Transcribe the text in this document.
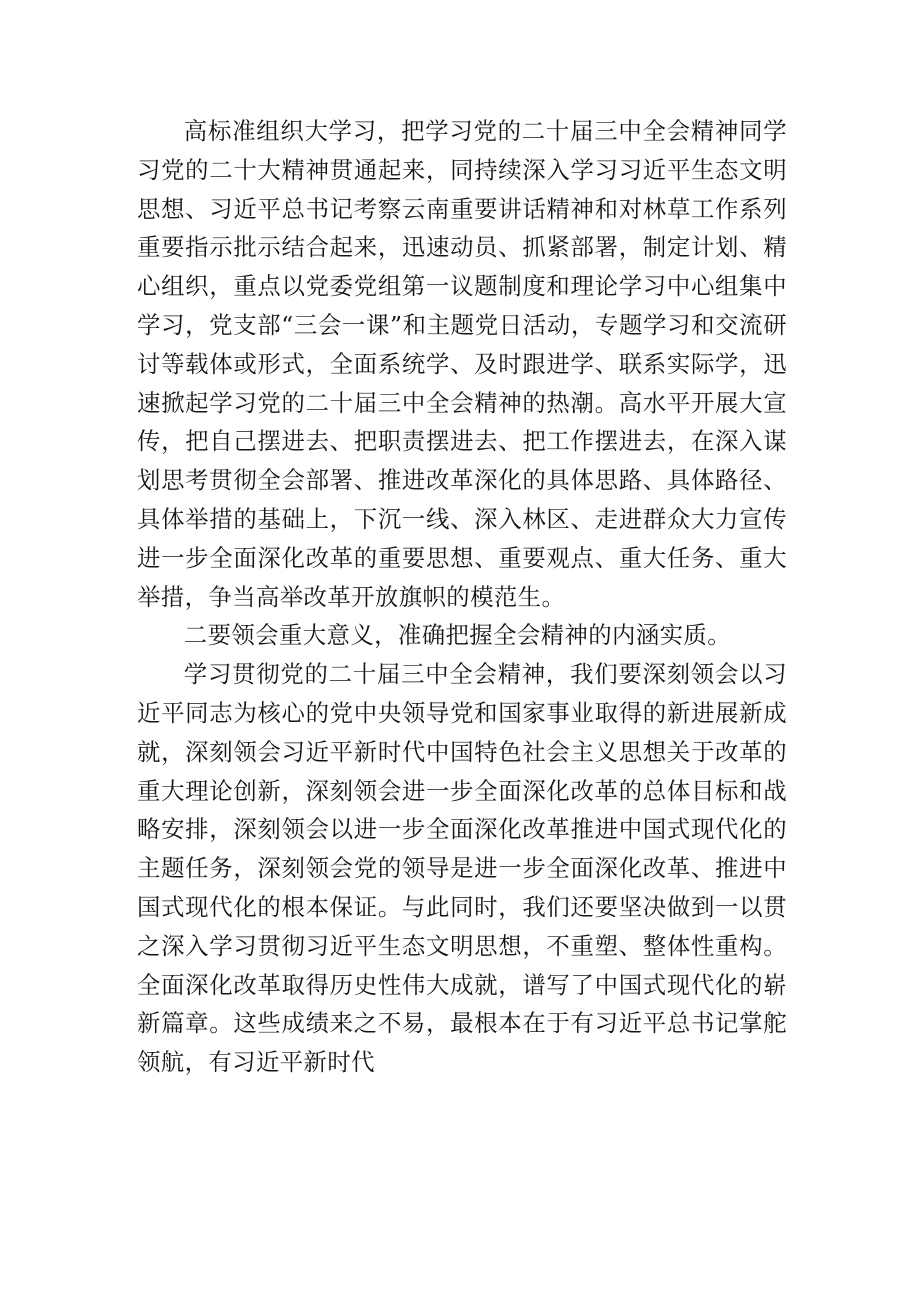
高标准组织大学习，把学习党的二十届三中全会精神同学习党的二十大精神贯通起来，同持续深入学习习近平生态文明思想、习近平总书记考察云南重要讲话精神和对林草工作系列重要指示批示结合起来，迅速动员、抓紧部署，制定计划、精心组织，重点以党委党组第一议题制度和理论学习中心组集中学习，党支部“三会一课”和主题党日活动，专题学习和交流研讨等载体或形式，全面系统学、及时跟进学、联系实际学，迅速掀起学习党的二十届三中全会精神的热潮。高水平开展大宣传，把自己摆进去、把职责摆进去、把工作摆进去，在深入谋划思考贯彻全会部署、推进改革深化的具体思路、具体路径、具体举措的基础上，下沉一线、深入林区、走进群众大力宣传进一步全面深化改革的重要思想、重要观点、重大任务、重大举措，争当高举改革开放旗帜的模范生。

二要领会重大意义，准确把握全会精神的内涵实质。

学习贯彻党的二十届三中全会精神，我们要深刻领会以习近平同志为核心的党中央领导党和国家事业取得的新进展新成就，深刻领会习近平新时代中国特色社会主义思想关于改革的重大理论创新，深刻领会进一步全面深化改革的总体目标和战略安排，深刻领会以进一步全面深化改革推进中国式现代化的主题任务，深刻领会党的领导是进一步全面深化改革、推进中国式现代化的根本保证。与此同时，我们还要坚决做到一以贯之深入学习贯彻习近平生态文明思想，不重塑、整体性重构。全面深化改革取得历史性伟大成就，谱写了中国式现代化的崭新篇章。这些成绩来之不易，最根本在于有习近平总书记掌舵领航，有习近平新时代
